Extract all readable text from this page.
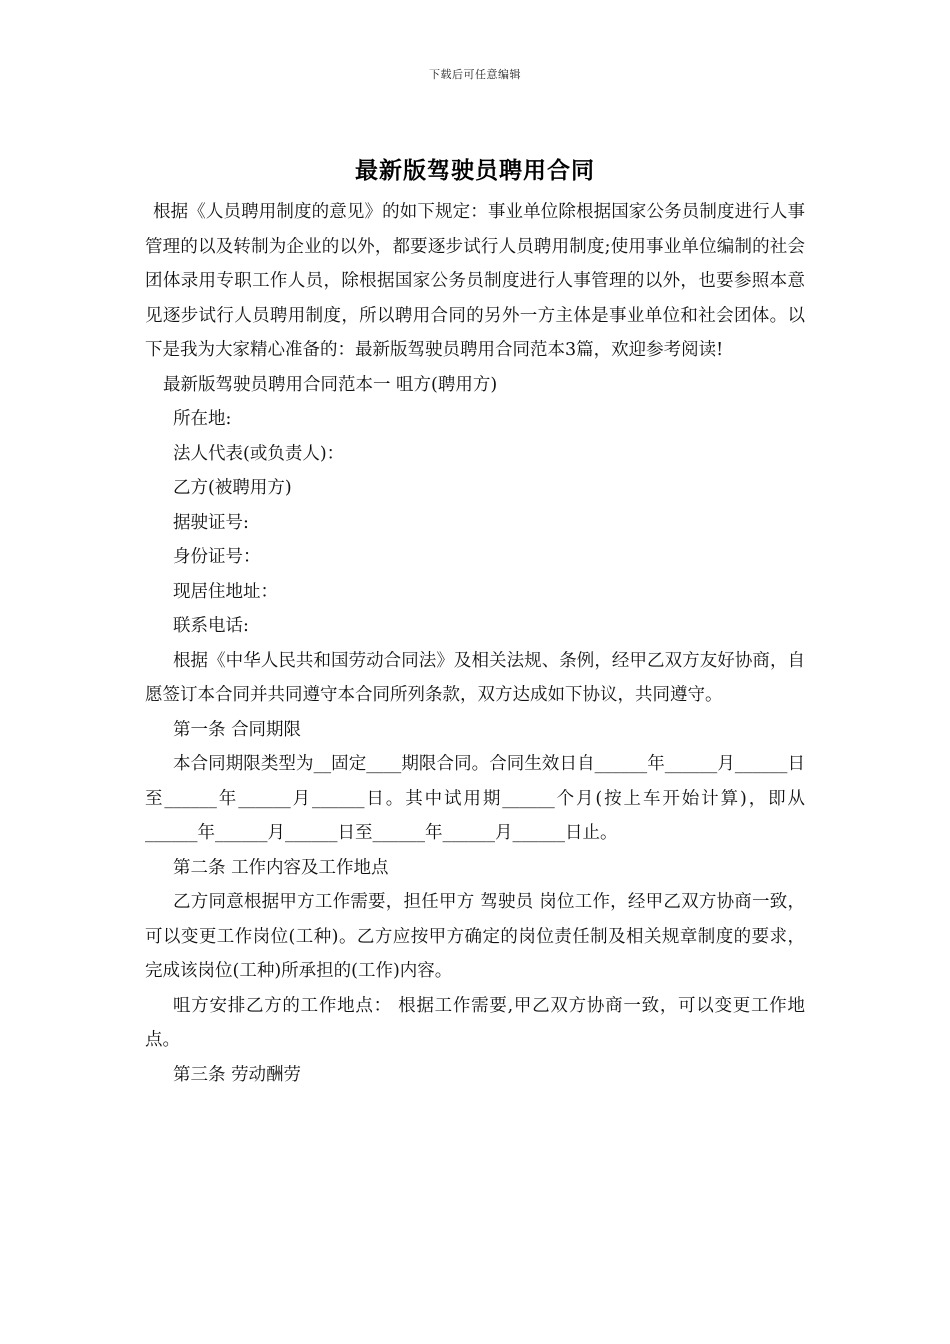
下载后可任意编辑
最新版驾驶员聘用合同

根据《人员聘用制度的意见》的如下规定：事业单位除根据国家公务员制度进行人事管理的以及转制为企业的以外，都要逐步试行人员聘用制度;使用事业单位编制的社会团体录用专职工作人员，除根据国家公务员制度进行人事管理的以外，也要参照本意见逐步试行人员聘用制度，所以聘用合同的另外一方主体是事业单位和社会团体。以下是我为大家精心准备的：最新版驾驶员聘用合同范本3篇，欢迎参考阅读!

最新版驾驶员聘用合同范本一 咀方(聘用方)

所在地:

法人代表(或负责人)：

乙方(被聘用方)

据驶证号:

身份证号：

现居住地址：

联系电话:

根据《中华人民共和国劳动合同法》及相关法规、条例，经甲乙双方友好协商，自愿签订本合同并共同遵守本合同所列条款，双方达成如下协议，共同遵守。

第一条 合同期限

本合同期限类型为__固定____期限合同。合同生效日自______年______月______日至______年______月______日。其中试用期______个月(按上车开始计算)，即从______年______月______日至______年______月______日止。

第二条 工作内容及工作地点

乙方同意根据甲方工作需要，担任甲方 驾驶员 岗位工作，经甲乙双方协商一致，可以变更工作岗位(工种)。乙方应按甲方确定的岗位责任制及相关规章制度的要求，完成该岗位(工种)所承担的(工作)内容。

咀方安排乙方的工作地点： 根据工作需要,甲乙双方协商一致，可以变更工作地点。

第三条 劳动酬劳
